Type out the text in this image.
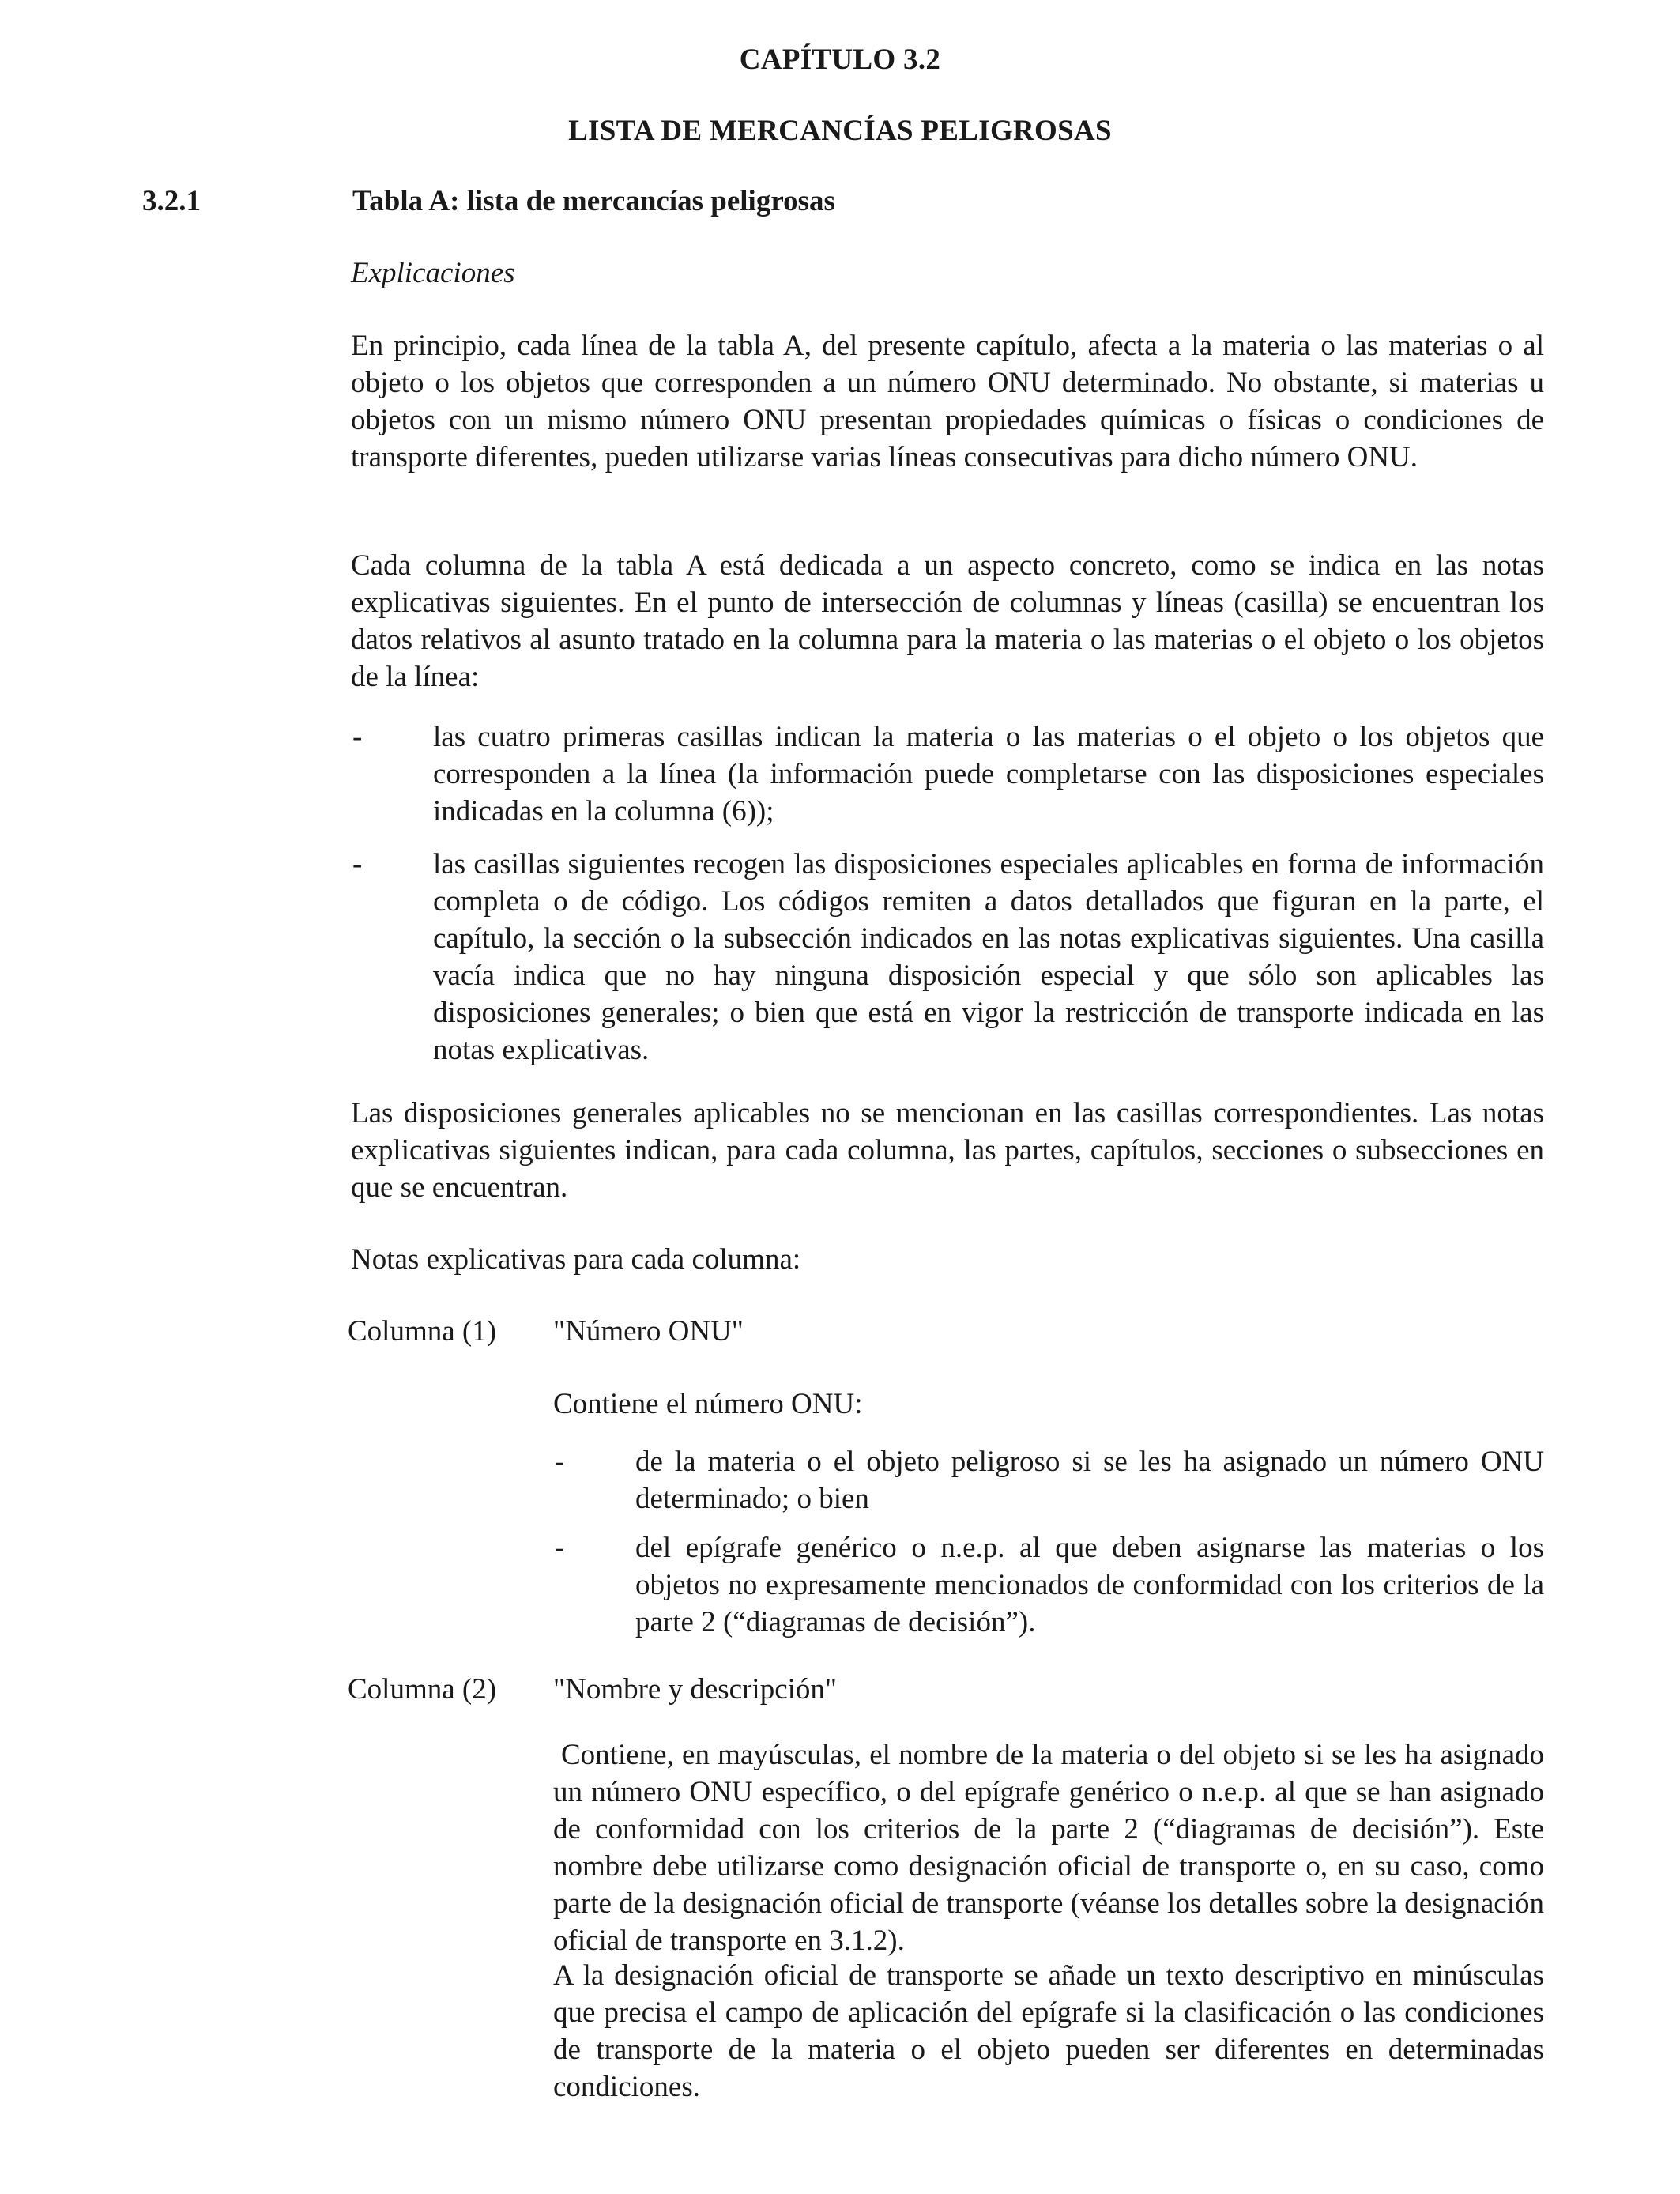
CAPÍTULO 3.2
LISTA DE MERCANCÍAS PELIGROSAS
3.2.1	Tabla A: lista de mercancías peligrosas
Explicaciones
En principio, cada línea de la tabla A, del presente capítulo, afecta a la materia o las materias o al objeto o los objetos que corresponden a un número ONU determinado. No obstante, si materias u objetos con un mismo número ONU presentan propiedades químicas o físicas o condiciones de transporte diferentes, pueden utilizarse varias líneas consecutivas para dicho número ONU.
Cada columna de la tabla A está dedicada a un aspecto concreto, como se indica en las notas explicativas siguientes. En el punto de intersección de columnas y líneas (casilla) se encuentran los datos relativos al asunto tratado en la columna para la materia o las materias o el objeto o los objetos de la línea:
- las cuatro primeras casillas indican la materia o las materias o el objeto o los objetos que corresponden a la línea (la información puede completarse con las disposiciones especiales indicadas en la columna (6));
- las casillas siguientes recogen las disposiciones especiales aplicables en forma de información completa o de código. Los códigos remiten a datos detallados que figuran en la parte, el capítulo, la sección o la subsección indicados en las notas explicativas siguientes. Una casilla vacía indica que no hay ninguna disposición especial y que sólo son aplicables las disposiciones generales; o bien que está en vigor la restricción de transporte indicada en las notas explicativas.
Las disposiciones generales aplicables no se mencionan en las casillas correspondientes. Las notas explicativas siguientes indican, para cada columna, las partes, capítulos, secciones o subsecciones en que se encuentran.
Notas explicativas para cada columna:
Columna (1) "Número ONU"
Contiene el número ONU:
- de la materia o el objeto peligroso si se les ha asignado un número ONU determinado; o bien
- del epígrafe genérico o n.e.p. al que deben asignarse las materias o los objetos no expresamente mencionados de conformidad con los criterios de la parte 2 (“diagramas de decisión”).
Columna (2) "Nombre y descripción"
Contiene, en mayúsculas, el nombre de la materia o del objeto si se les ha asignado un número ONU específico, o del epígrafe genérico o n.e.p. al que se han asignado de conformidad con los criterios de la parte 2 (“diagramas de decisión”). Este nombre debe utilizarse como designación oficial de transporte o, en su caso, como parte de la designación oficial de transporte (véanse los detalles sobre la designación oficial de transporte en 3.1.2).
A la designación oficial de transporte se añade un texto descriptivo en minúsculas que precisa el campo de aplicación del epígrafe si la clasificación o las condiciones de transporte de la materia o el objeto pueden ser diferentes en determinadas condiciones.
